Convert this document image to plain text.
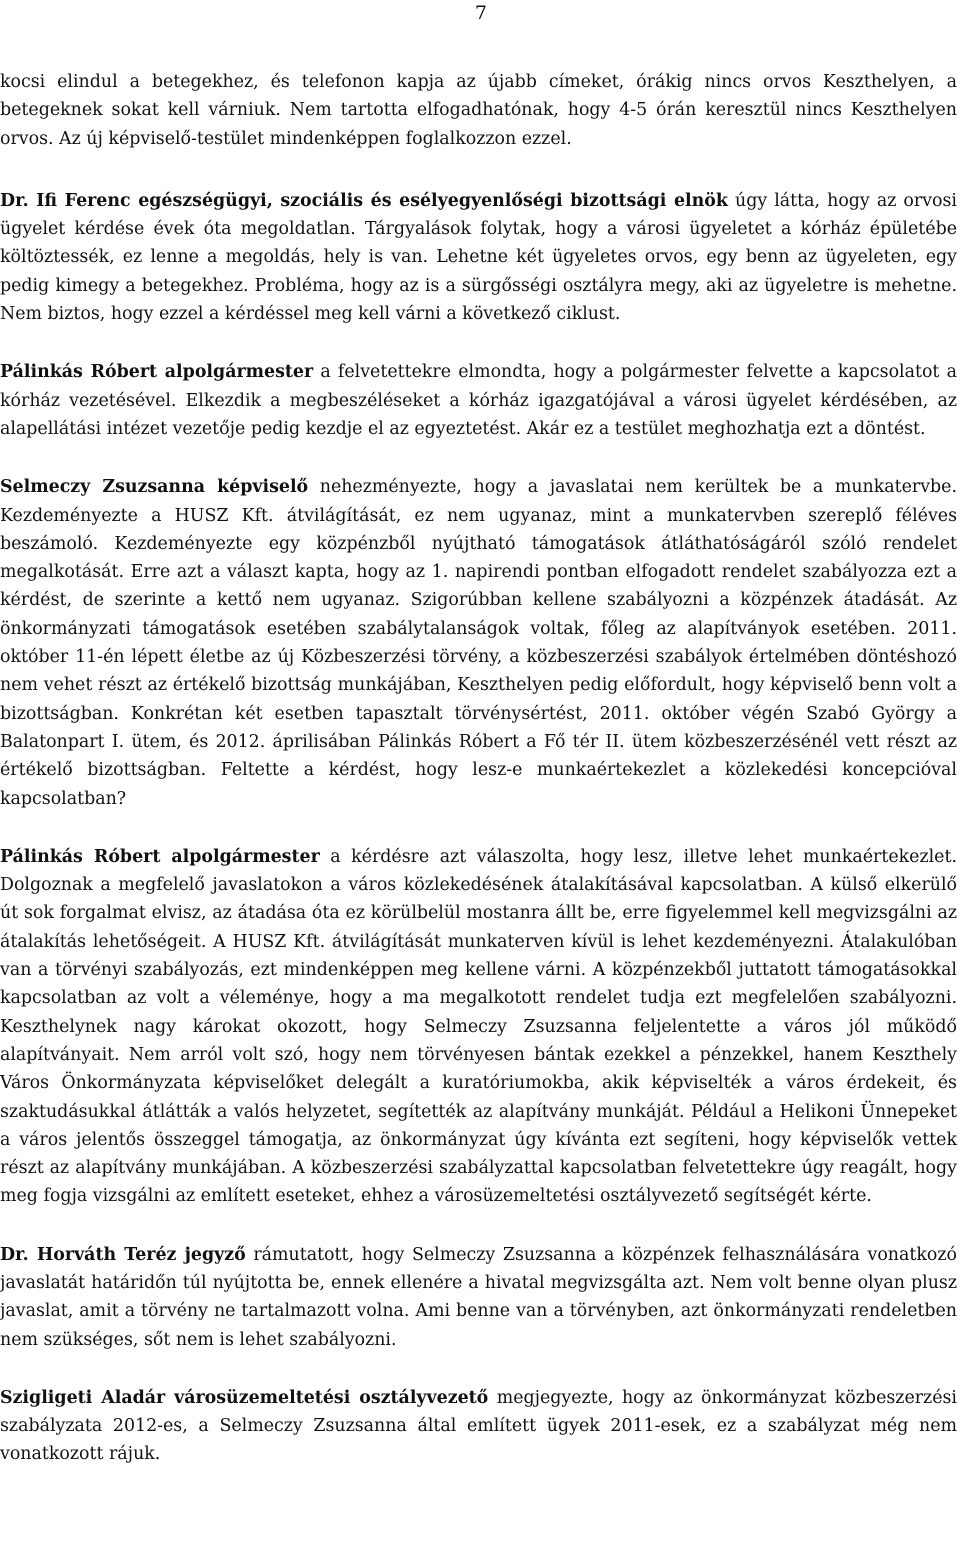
7

kocsi elindul a betegekhez, és telefonon kapja az újabb címeket, órákig nincs orvos Keszthelyen, a betegeknek sokat kell várniuk. Nem tartotta elfogadhatónak, hogy 4-5 órán keresztül nincs Keszthelyen orvos. Az új képviselő-testület mindenképpen foglalkozzon ezzel.

Dr. Ifi Ferenc egészségügyi, szociális és esélyegyenlőségi bizottsági elnök úgy látta, hogy az orvosi ügyelet kérdése évek óta megoldatlan. Tárgyalások folytak, hogy a városi ügyeletet a kórház épületébe költöztessék, ez lenne a megoldás, hely is van. Lehetne két ügyeletes orvos, egy benn az ügyeleten, egy pedig kimegy a betegekhez. Probléma, hogy az is a sürgősségi osztályra megy, aki az ügyeletre is mehetne. Nem biztos, hogy ezzel a kérdéssel meg kell várni a következő ciklust.

Pálinkás Róbert alpolgármester a felvetettekre elmondta, hogy a polgármester felvette a kapcsolatot a kórház vezetésével. Elkezdik a megbeszéléseket a kórház igazgatójával a városi ügyelet kérdésében, az alapellátási intézet vezetője pedig kezdje el az egyeztetést. Akár ez a testület meghozhatja ezt a döntést.

Selmeczy Zsuzsanna képviselő nehezményezte, hogy a javaslatai nem kerültek be a munkatervbe. Kezdeményezte a HUSZ Kft. átvilágítását, ez nem ugyanaz, mint a munkatervben szereplő féléves beszámoló. Kezdeményezte egy közpénzből nyújtható támogatások átláthatóságáról szóló rendelet megalkotását. Erre azt a választ kapta, hogy az 1. napirendi pontban elfogadott rendelet szabályozza ezt a kérdést, de szerinte a kettő nem ugyanaz. Szigorúbban kellene szabályozni a közpénzek átadását. Az önkormányzati támogatások esetében szabálytalanságok voltak, főleg az alapítványok esetében. 2011. október 11-én lépett életbe az új Közbeszerzési törvény, a közbeszerzési szabályok értelmében döntéshozó nem vehet részt az értékelő bizottság munkájában, Keszthelyen pedig előfordult, hogy képviselő benn volt a bizottságban. Konkrétan két esetben tapasztalt törvénysértést, 2011. október végén Szabó György a Balatonpart I. ütem, és 2012. áprilisában Pálinkás Róbert a Fő tér II. ütem közbeszerzésénél vett részt az értékelő bizottságban. Feltette a kérdést, hogy lesz-e munkaértekezlet a közlekedési koncepcióval kapcsolatban?

Pálinkás Róbert alpolgármester a kérdésre azt válaszolta, hogy lesz, illetve lehet munkaértekezlet. Dolgoznak a megfelelő javaslatokon a város közlekedésének átalakításával kapcsolatban. A külső elkerülő út sok forgalmat elvisz, az átadása óta ez körülbelül mostanra állt be, erre figyelemmel kell megvizsgálni az átalakítás lehetőségeit. A HUSZ Kft. átvilágítását munkaterven kívül is lehet kezdeményezni. Átalakulóban van a törvényi szabályozás, ezt mindenképpen meg kellene várni. A közpénzekből juttatott támogatásokkal kapcsolatban az volt a véleménye, hogy a ma megalkotott rendelet tudja ezt megfelelően szabályozni. Keszthelynek nagy károkat okozott, hogy Selmeczy Zsuzsanna feljelentette a város jól működő alapítványait. Nem arról volt szó, hogy nem törvényesen bántak ezekkel a pénzekkel, hanem Keszthely Város Önkormányzata képviselőket delegált a kuratóriumokba, akik képviselték a város érdekeit, és szaktudásukkal átlátták a valós helyzetet, segítették az alapítvány munkáját. Például a Helikoni Ünnepeket a város jelentős összeggel támogatja, az önkormányzat úgy kívánta ezt segíteni, hogy képviselők vettek részt az alapítvány munkájában. A közbeszerzési szabályzattal kapcsolatban felvetettekre úgy reagált, hogy meg fogja vizsgálni az említett eseteket, ehhez a városüzemeltetési osztályvezető segítségét kérte.

Dr. Horváth Teréz jegyző rámutatott, hogy Selmeczy Zsuzsanna a közpénzek felhasználására vonatkozó javaslatát határidőn túl nyújtotta be, ennek ellenére a hivatal megvizsgálta azt. Nem volt benne olyan plusz javaslat, amit a törvény ne tartalmazott volna. Ami benne van a törvényben, azt önkormányzati rendeletben nem szükséges, sőt nem is lehet szabályozni.

Szigligeti Aladár városüzemeltetési osztályvezető megjegyezte, hogy az önkormányzat közbeszerzési szabályzata 2012-es, a Selmeczy Zsuzsanna által említett ügyek 2011-esek, ez a szabályzat még nem vonatkozott rájuk.
